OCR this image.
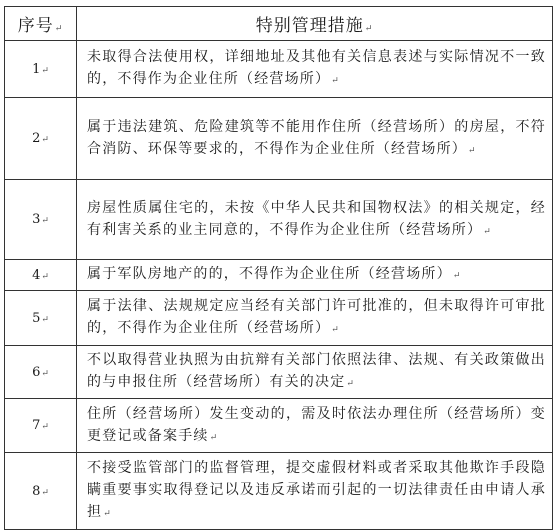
序号↵	特别管理措施↵
1↵	未取得合法使用权，详细地址及其他有关信息表述与实际情况不一致的，不得作为企业住所（经营场所）↵
2↵	属于违法建筑、危险建筑等不能用作住所（经营场所）的房屋，不符合消防、环保等要求的，不得作为企业住所（经营场所）↵
3↵	房屋性质属住宅的，未按《中华人民共和国物权法》的相关规定，经有利害关系的业主同意的，不得作为企业住所（经营场所）↵
4↵	属于军队房地产的的，不得作为企业住所（经营场所）↵
5↵	属于法律、法规规定应当经有关部门许可批准的，但未取得许可审批的，不得作为企业住所（经营场所）↵
6↵	不以取得营业执照为由抗辩有关部门依照法律、法规、有关政策做出的与申报住所（经营场所）有关的决定↵
7↵	住所（经营场所）发生变动的，需及时依法办理住所（经营场所）变更登记或备案手续↵
8↵	不接受监管部门的监督管理，提交虚假材料或者采取其他欺诈手段隐瞒重要事实取得登记以及违反承诺而引起的一切法律责任由申请人承担↵
